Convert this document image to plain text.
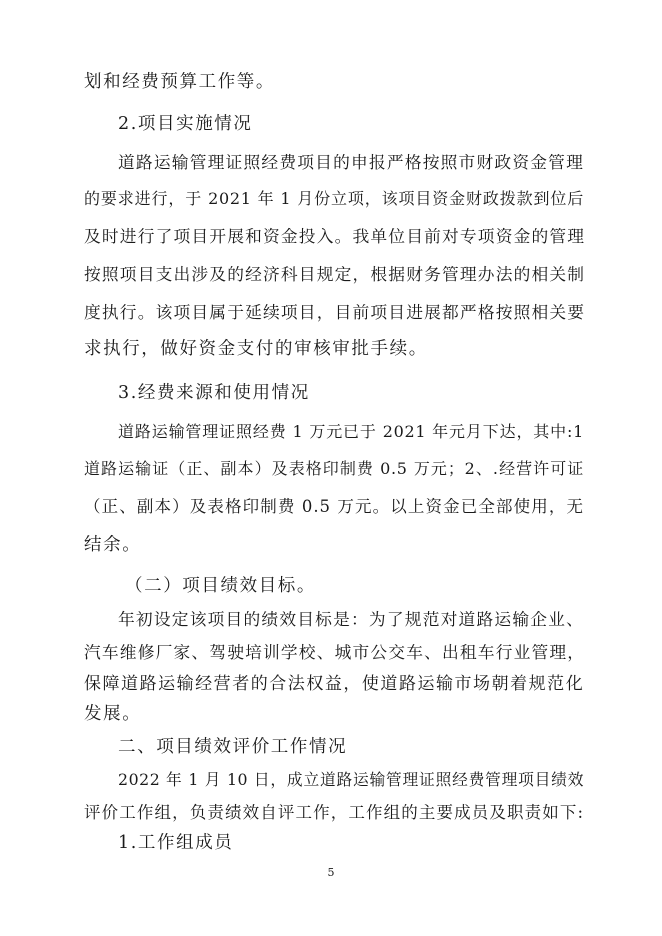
划和经费预算工作等。
2.项目实施情况
道路运输管理证照经费项目的申报严格按照市财政资金管理
的要求进行，于 2021 年 1 月份立项，该项目资金财政拨款到位后
及时进行了项目开展和资金投入。我单位目前对专项资金的管理
按照项目支出涉及的经济科目规定，根据财务管理办法的相关制
度执行。该项目属于延续项目，目前项目进展都严格按照相关要
求执行，做好资金支付的审核审批手续。
3.经费来源和使用情况
道路运输管理证照经费 1 万元已于 2021 年元月下达，其中:1
道路运输证（正、副本）及表格印制费 0.5 万元；2、.经营许可证
（正、副本）及表格印制费 0.5 万元。以上资金已全部使用，无
结余。
（二）项目绩效目标。
年初设定该项目的绩效目标是：为了规范对道路运输企业、
汽车维修厂家、驾驶培训学校、城市公交车、出租车行业管理，
保障道路运输经营者的合法权益，使道路运输市场朝着规范化
发展。
二、项目绩效评价工作情况
2022 年 1 月 10 日，成立道路运输管理证照经费管理项目绩效
评价工作组，负责绩效自评工作，工作组的主要成员及职责如下:
1.工作组成员
5
